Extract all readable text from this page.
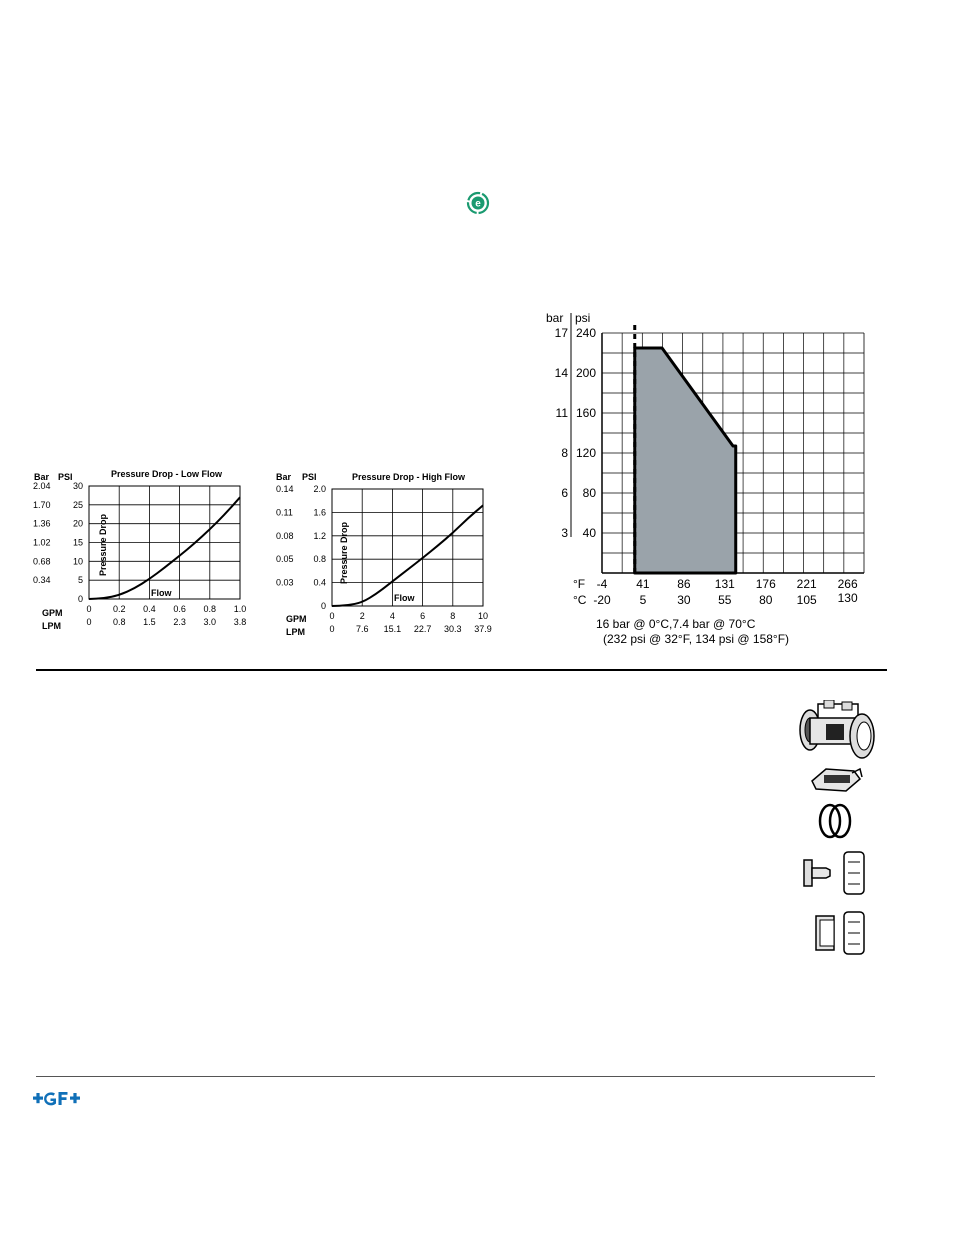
e
Bar PSI	Pressure Drop - Low Flow
30
25
20
15
10
5
0
2.04
1.70
1.36
1.02
0.68
0.34
0
0
0.2
0.8
0.4
1.5
0.6
2.3
0.8
3.0
1.0
3.8
Pressure Drop
Flow
GPM
LPM
Bar PSI	Pressure Drop - High Flow
2.0
1.6
1.2
0.8
0.4
0
0.14
0.11
0.08
0.05
0.03
0
0
2
7.6
4
15.1
6
22.7
8
30.3
10
37.9
Pressure Drop
Flow
GPM
LPM
bar psi
240
17
200
14
160
11
120
8
80
6
40
3
-4
-20
41
5
86
30
131
55
176
80
221
105
266
130
°F
°C
16 bar @ 0°C,7.4 bar @ 70°C
(232 psi @ 32°F, 134 psi @ 158°F)
